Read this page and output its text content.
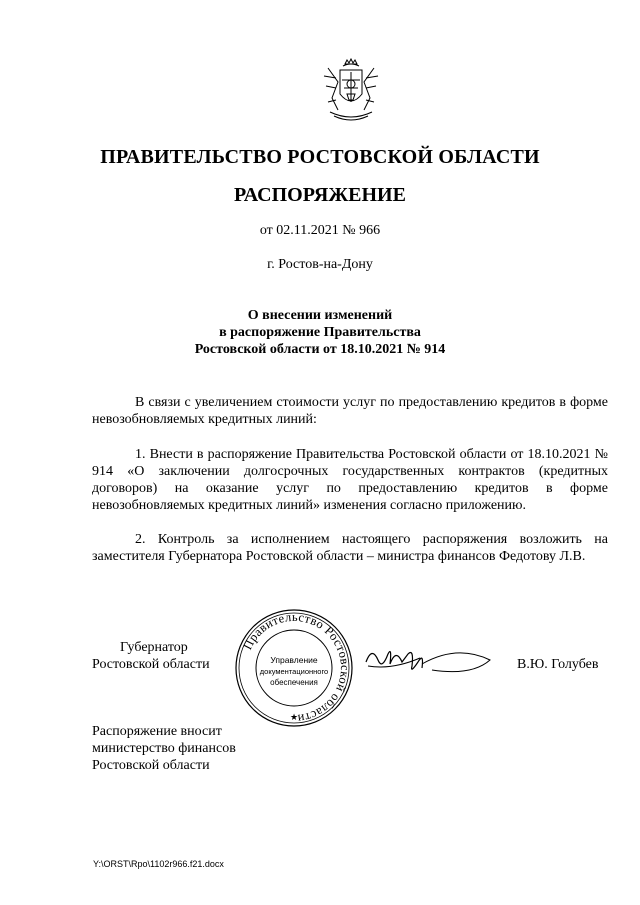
ПРАВИТЕЛЬСТВО РОСТОВСКОЙ ОБЛАСТИ
РАСПОРЯЖЕНИЕ
от 02.11.2021 № 966
г. Ростов-на-Дону
О внесении изменений
в распоряжение Правительства
Ростовской области от 18.10.2021 № 914
В связи с увеличением стоимости услуг по предоставлению кредитов в форме невозобновляемых кредитных линий:
1. Внести в распоряжение Правительства Ростовской области от 18.10.2021 № 914 «О заключении долгосрочных государственных контрактов (кредитных договоров) на оказание услуг по предоставлению кредитов в форме невозобновляемых кредитных линий» изменения согласно приложению.
2. Контроль за исполнением настоящего распоряжения возложить на заместителя Губернатора Ростовской области – министра финансов Федотову Л.В.
Губернатор
Ростовской области
Правительство Ростовской области
★
Управление
документационного
обеспечения
В.Ю. Голубев
Распоряжение вносит
министерство финансов
Ростовской области
Y:\ORST\Rpo\1102r966.f21.docx
